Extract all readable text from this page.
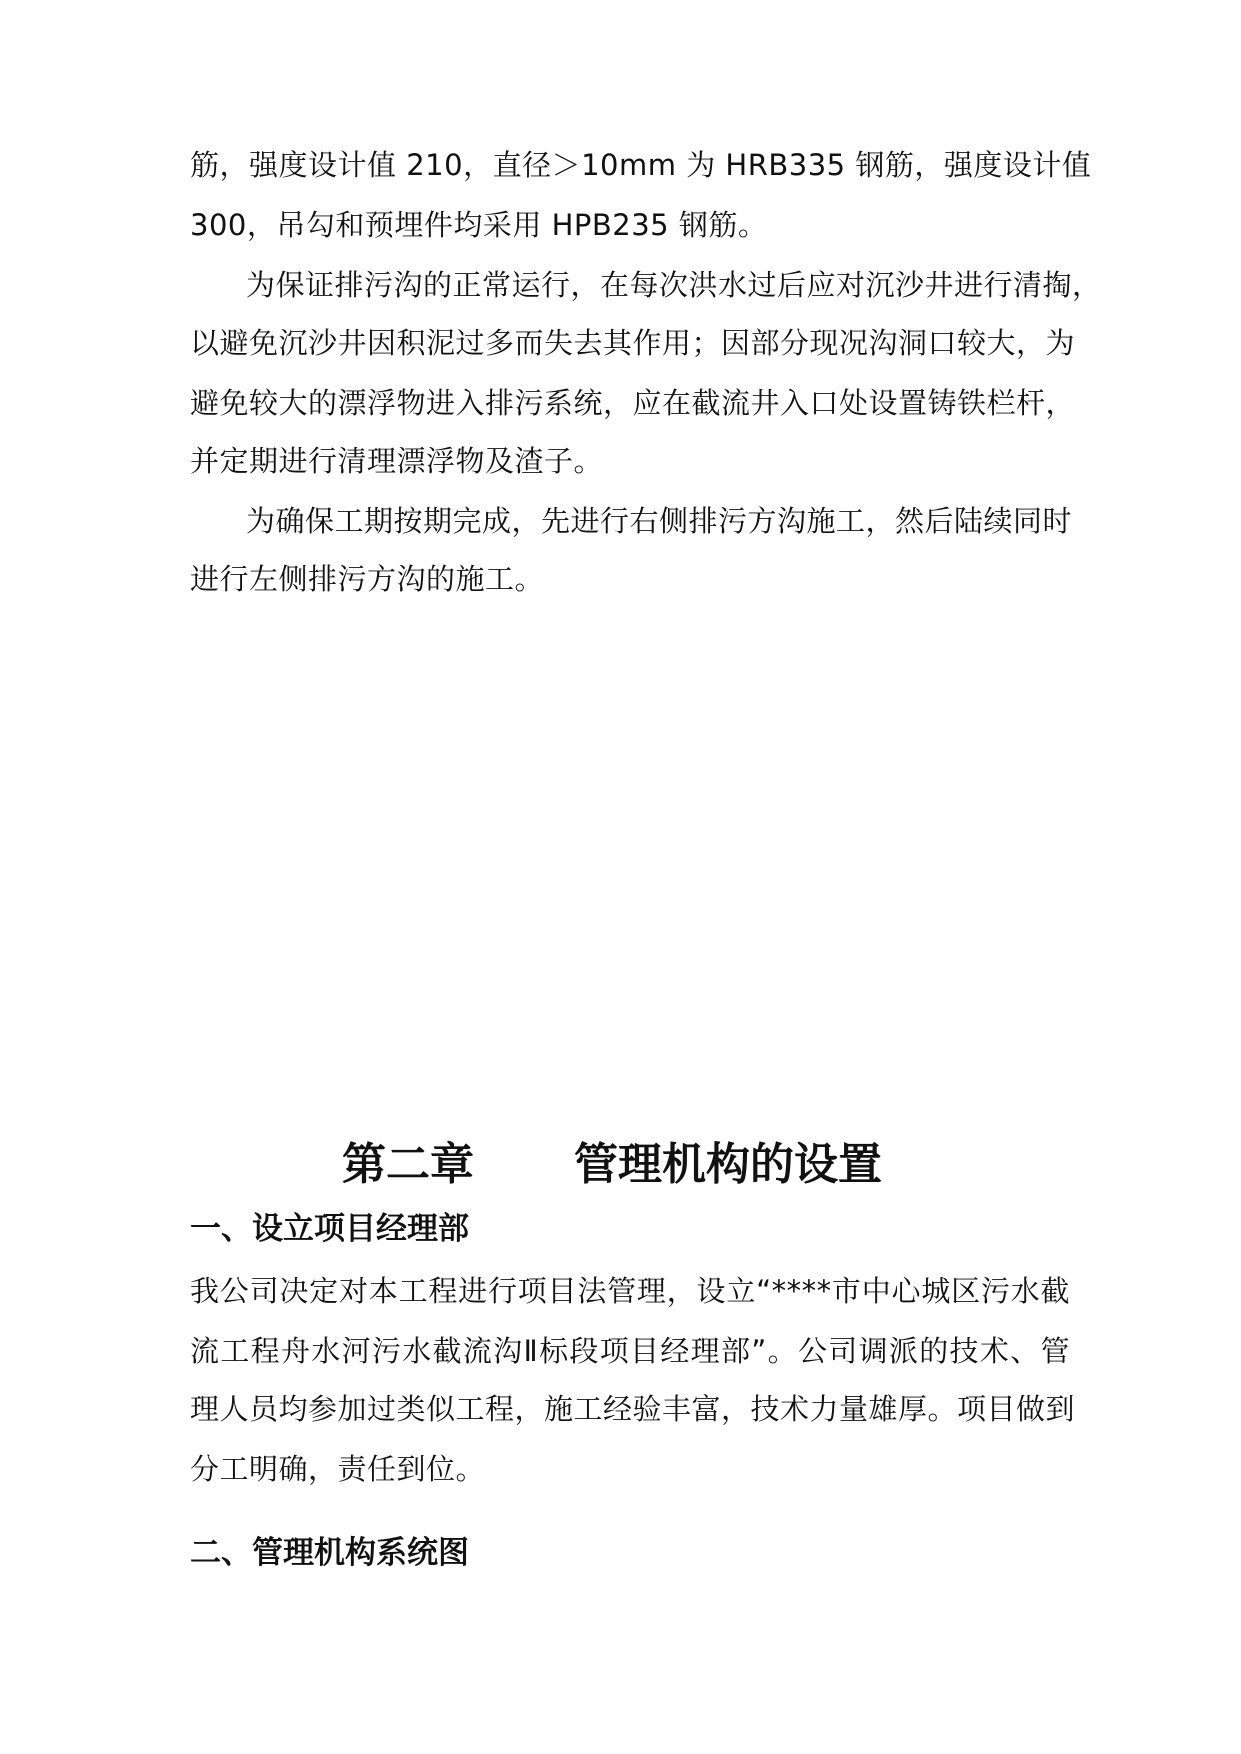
筋，强度设计值 210，直径＞10mm 为 HRB335 钢筋，强度设计值
300，吊勾和预埋件均采用 HPB235 钢筋。
为保证排污沟的正常运行，在每次洪水过后应对沉沙井进行清掏，
以避免沉沙井因积泥过多而失去其作用；因部分现况沟洞口较大，为
避免较大的漂浮物进入排污系统，应在截流井入口处设置铸铁栏杆，
并定期进行清理漂浮物及渣子。
为确保工期按期完成，先进行右侧排污方沟施工，然后陆续同时
进行左侧排污方沟的施工。
第二章 管理机构的设置
一、设立项目经理部
我公司决定对本工程进行项目法管理，设立“****市中心城区污水截
流工程舟水河污水截流沟Ⅱ标段项目经理部”。公司调派的技术、管
理人员均参加过类似工程，施工经验丰富，技术力量雄厚。项目做到
分工明确，责任到位。
二、管理机构系统图
